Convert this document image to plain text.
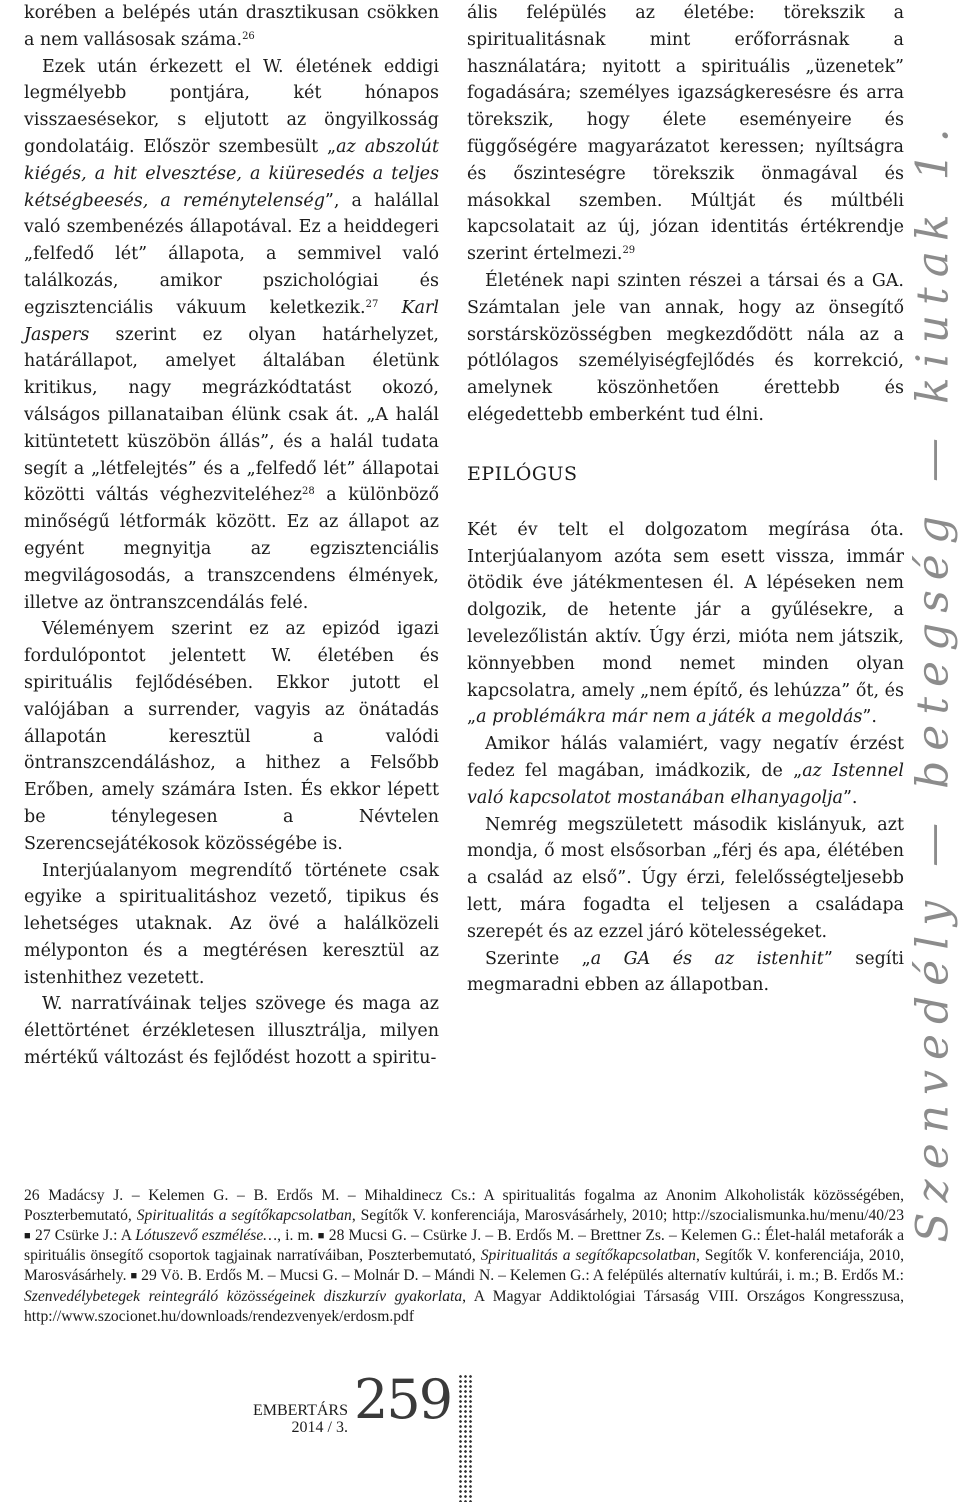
korében a belépés után drasztikusan csökken a nem vallásosak száma.$^{26}$

Ezek után érkezett el W. életének eddigi legmélyebb pontjára, két hónapos visszaesésekor, s eljutott az öngyilkosság gondolatáig. Először szembesült „az abszolút kiégés, a hit elvesztése, a kiüresedés a teljes kétségbeesés, a reménytelenség”, a halállal való szembenézés állapotával. Ez a heiddegeri „felfedő lét” állapota, a semmivel való találkozás, amikor pszichológiai és egzisztenciális vákuum keletkezik.$^{27}$ Karl Jaspers szerint ez olyan határhelyzet, határállapot, amelyet általában életünk kritikus, nagy megrázkódtatást okozó, válságos pillanataiban élünk csak át. „A halál kitüntetett küszöbön állás”, és a halál tudata segít a „létfelejtés” és a „felfedő lét” állapotai közötti váltás véghezviteléhez$^{28}$ a különböző minőségű létformák között. Ez az állapot az egyént megnyitja az egzisztenciális megvilágosodás, a transzcendens élmények, illetve az öntranszcendálás felé.

Véleményem szerint ez az epizód igazi fordulópontot jelentett W. életében és spirituális fejlődésében. Ekkor jutott el valójában a surrender, vagyis az önátadás állapotán keresztül a valódi öntranszcendáláshoz, a hithez a Felsőbb Erőben, amely számára Isten. És ekkor lépett be ténylegesen a Névtelen Szerencsejátékosok közösségébe is.

Interjúalanyom megrendítő története csak egyike a spiritualitáshoz vezető, tipikus és lehetséges utaknak. Az övé a halálközeli mélyponton és a megtérésen keresztül az istenhithez vezetett.

W. narratíváinak teljes szövege és maga az élettörténet érzékletesen illusztrálja, milyen mértékű változást és fejlődést hozott a spiritu-

ális felépülés az életébe: törekszik a spiritualitásnak mint erőforrásnak a használatára; nyitott a spirituális „üzenetek” fogadására; személyes igazságkeresésre és arra törekszik, hogy élete eseményeire és függőségére magyarázatot keressen; nyíltságra és őszinteségre törekszik önmagával és másokkal szemben. Múltját és múltbéli kapcsolatait az új, józan identitás értékrendje szerint értelmezi.$^{29}$

Életének napi szinten részei a társai és a GA. Számtalan jele van annak, hogy az önsegítő sorstársközösségben megkezdődött nála az a pótlólagos személyiségfejlődés és korrekció, amelynek köszönhetően érettebb és elégedettebb emberként tud élni.

EPILÓGUS

Két év telt el dolgozatom megírása óta. Interjúalanyom azóta sem esett vissza, immár ötödik éve játékmentesen él. A lépéseken nem dolgozik, de hetente jár a gyűlésekre, a levelezőlistán aktív. Úgy érzi, mióta nem játszik, könnyebben mond nemet minden olyan kapcsolatra, amely „nem építő, és lehúzza” őt, és „a problémákra már nem a játék a megoldás”.

Amikor hálás valamiért, vagy negatív érzést fedez fel magában, imádkozik, de „az Istennel való kapcsolatot mostanában elhanyagolja”.

Nemrég megszületett második kislányuk, azt mondja, ő most elsősorban „férj és apa, élétében a család az első”. Úgy érzi, felelősségteljesebb lett, mára fogadta el teljesen a családapa szerepét és az ezzel járó kötelességeket.

Szerinte „a GA és az istenhit” segíti megmaradni ebben az állapotban.	Szenvedély — betegség — kiutak 1.
26 Madácsy J. – Kelemen G. – B. Erdős M. – Mihaldinecz Cs.: A spiritualitás fogalma az Anonim Alkoholisták közösségében, Poszterbemutató, Spiritualitás a segítőkapcsolatban, Segítők V. konferenciája, Marosvásárhely, 2010; http://szocialismunka.hu/menu/40/23 ■ 27 Csürke J.: A Lótuszevő eszmélése…, i. m. ■ 28 Mucsi G. – Csürke J. – B. Erdős M. – Brettner Zs. – Kelemen G.: Élet-halál metaforák a spirituális önsegítő csoportok tagjainak narratíváiban, Poszterbemutató, Spiritualitás a segítőkapcsolatban, Segítők V. konferenciája, 2010, Marosvásárhely. ■ 29 Vö. B. Erdős M. – Mucsi G. – Molnár D. – Mándi N. – Kelemen G.: A felépülés alternatív kultúrái, i. m.; B. Erdős M.: Szenvedélybetegek reintegráló közösségeinek diszkurzív gyakorlata, A Magyar Addiktológiai Társaság VIII. Országos Kongresszusa, http://www.szocionet.hu/downloads/rendezvenyek/erdosm.pdf
EMBERTÁRS
2014 / 3. 259
